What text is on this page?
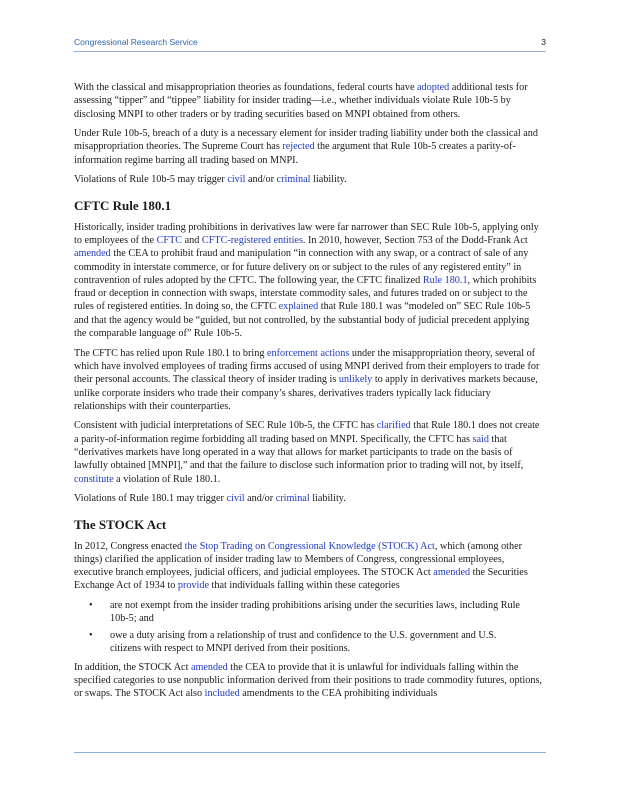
Congressional Research Service	3

With the classical and misappropriation theories as foundations, federal courts have adopted additional tests for assessing “tipper” and “tippee” liability for insider trading—i.e., whether individuals violate Rule 10b-5 by disclosing MNPI to other traders or by trading securities based on MNPI obtained from others.

Under Rule 10b-5, breach of a duty is a necessary element for insider trading liability under both the classical and misappropriation theories. The Supreme Court has rejected the argument that Rule 10b-5 creates a parity-of-information regime barring all trading based on MNPI.

Violations of Rule 10b-5 may trigger civil and/or criminal liability.

CFTC Rule 180.1

Historically, insider trading prohibitions in derivatives law were far narrower than SEC Rule 10b-5, applying only to employees of the CFTC and CFTC-registered entities. In 2010, however, Section 753 of the Dodd-Frank Act amended the CEA to prohibit fraud and manipulation “in connection with any swap, or a contract of sale of any commodity in interstate commerce, or for future delivery on or subject to the rules of any registered entity” in contravention of rules adopted by the CFTC. The following year, the CFTC finalized Rule 180.1, which prohibits fraud or deception in connection with swaps, interstate commodity sales, and futures traded on or subject to the rules of registered entities. In doing so, the CFTC explained that Rule 180.1 was “modeled on” SEC Rule 10b-5 and that the agency would be “guided, but not controlled, by the substantial body of judicial precedent applying the comparable language of” Rule 10b-5.

The CFTC has relied upon Rule 180.1 to bring enforcement actions under the misappropriation theory, several of which have involved employees of trading firms accused of using MNPI derived from their employers to trade for their personal accounts. The classical theory of insider trading is unlikely to apply in derivatives markets because, unlike corporate insiders who trade their company’s shares, derivatives traders typically lack fiduciary relationships with their counterparties.

Consistent with judicial interpretations of SEC Rule 10b-5, the CFTC has clarified that Rule 180.1 does not create a parity-of-information regime forbidding all trading based on MNPI. Specifically, the CFTC has said that “derivatives markets have long operated in a way that allows for market participants to trade on the basis of lawfully obtained [MNPI],” and that the failure to disclose such information prior to trading will not, by itself, constitute a violation of Rule 180.1.

Violations of Rule 180.1 may trigger civil and/or criminal liability.

The STOCK Act

In 2012, Congress enacted the Stop Trading on Congressional Knowledge (STOCK) Act, which (among other things) clarified the application of insider trading law to Members of Congress, congressional employees, executive branch employees, judicial officers, and judicial employees. The STOCK Act amended the Securities Exchange Act of 1934 to provide that individuals falling within these categories

• are not exempt from the insider trading prohibitions arising under the securities laws, including Rule 10b-5; and
• owe a duty arising from a relationship of trust and confidence to the U.S. government and U.S. citizens with respect to MNPI derived from their positions.

In addition, the STOCK Act amended the CEA to provide that it is unlawful for individuals falling within the specified categories to use nonpublic information derived from their positions to trade commodity futures, options, or swaps. The STOCK Act also included amendments to the CEA prohibiting individuals
